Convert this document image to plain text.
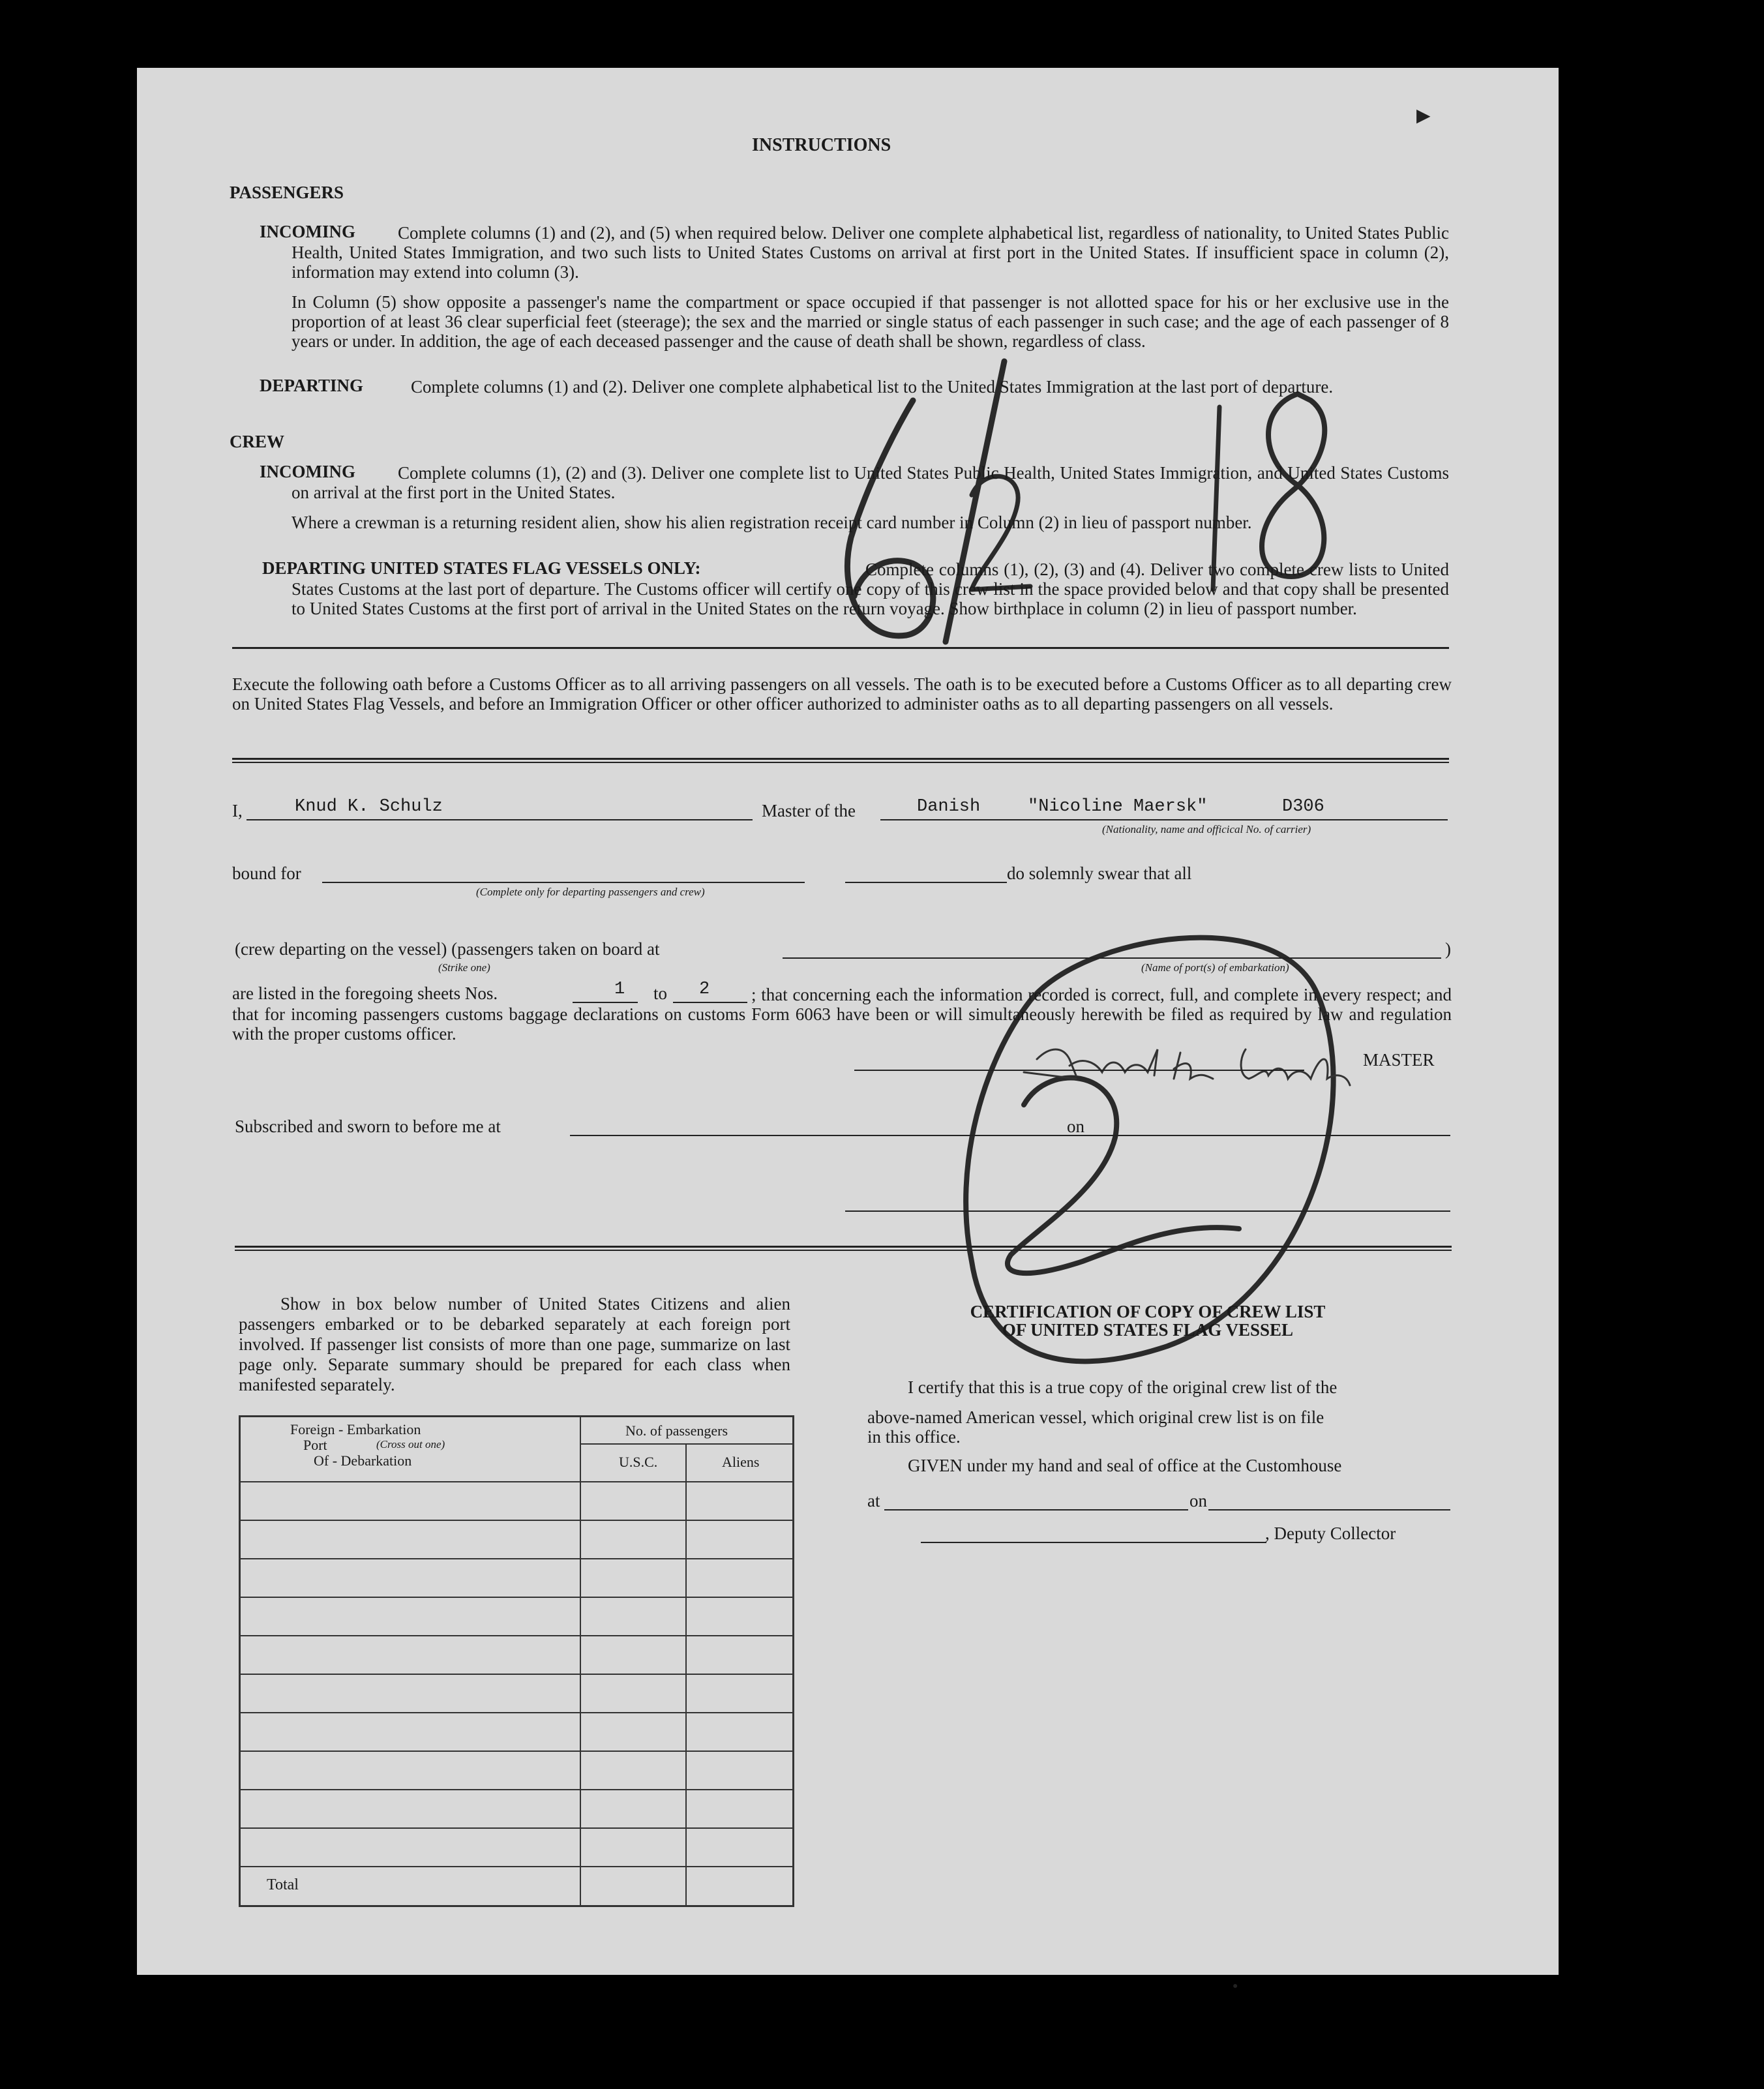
INSTRUCTIONS
PASSENGERS
INCOMING	Complete columns (1) and (2), and (5) when required below. Deliver one complete alphabetical list, regardless of nationality, to United States Public Health, United States Immigration, and two such lists to United States Customs on arrival at first port in the United States. If insufficient space in column (2), information may extend into column (3).
In Column (5) show opposite a passenger's name the compartment or space occupied if that passenger is not allotted space for his or her exclusive use in the proportion of at least 36 clear superficial feet (steerage); the sex and the married or single status of each passenger in such case; and the age of each passenger of 8 years or under. In addition, the age of each deceased passenger and the cause of death shall be shown, regardless of class.
DEPARTING	Complete columns (1) and (2). Deliver one complete alphabetical list to the United States Immigration at the last port of departure.
CREW
INCOMING	Complete columns (1), (2) and (3). Deliver one complete list to United States Public Health, United States Immigration, and United States Customs on arrival at the first port in the United States.
Where a crewman is a returning resident alien, show his alien registration receipt card number in Column (2) in lieu of passport number.
DEPARTING UNITED STATES FLAG VESSELS ONLY:	Complete columns (1), (2), (3) and (4). Deliver two complete crew lists to United States Customs at the last port of departure. The Customs officer will certify one copy of this crew list in the space provided below and that copy shall be presented to United States Customs at the first port of arrival in the United States on the return voyage. Show birthplace in column (2) in lieu of passport number.
Execute the following oath before a Customs Officer as to all arriving passengers on all vessels. The oath is to be executed before a Customs Officer as to all departing crew on United States Flag Vessels, and before an Immigration Officer or other officer authorized to administer oaths as to all departing passengers on all vessels.
I,	Knud K. Schulz	Master of the	Danish	"Nicoline Maersk"	D306
(Nationality, name and officical No. of carrier)
bound for	do solemnly swear that all
(Complete only for departing passengers and crew)
(crew departing on the vessel) (passengers taken on board at	)
(Strike one)	(Name of port(s) of embarkation)
are listed in the foregoing sheets Nos.	1 to 2	; that concerning each the information recorded is correct, full, and complete in every respect; and that for incoming passengers customs baggage declarations on customs Form 6063 have been or will simultaneously herewith be filed as required by law and regulation with the proper customs officer.
MASTER
Subscribed and sworn to before me at	on
Show in box below number of United States Citizens and alien passengers embarked or to be debarked separately at each foreign port involved. If passenger list consists of more than one page, summarize on last page only. Separate summary should be prepared for each class when manifested separately.
Foreign - Embarkation
Port	(Cross out one)
Of - Debarkation
No. of passengers
U.S.C.	Aliens
Total
CERTIFICATION OF COPY OF CREW LIST
OF UNITED STATES FLAG VESSEL
I certify that this is a true copy of the original crew list of the
above-named American vessel, which original crew list is on file
in this office.
GIVEN under my hand and seal of office at the Customhouse
at	on
, Deputy Collector
▶
●
